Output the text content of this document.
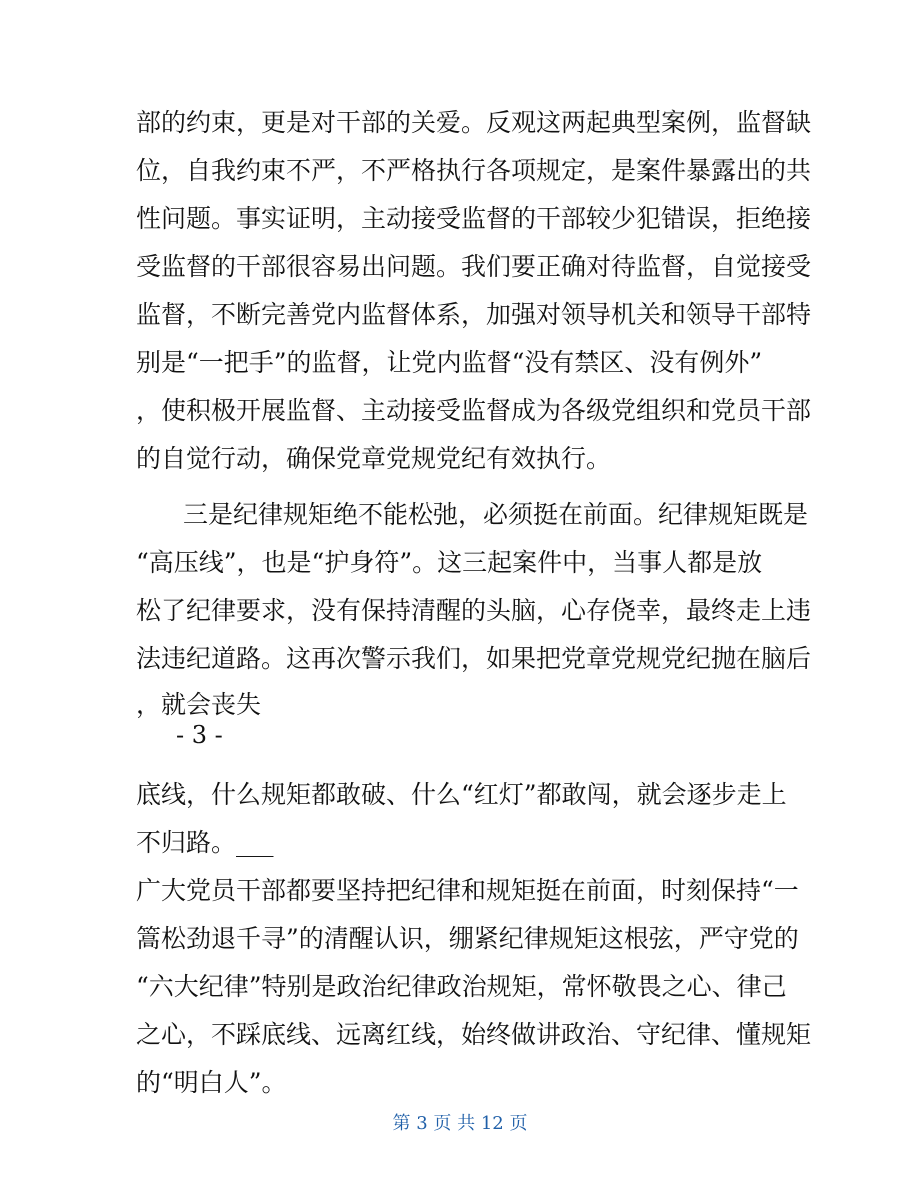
部的约束，更是对干部的关爱。反观这两起典型案例，监督缺
位，自我约束不严，不严格执行各项规定，是案件暴露出的共
性问题。事实证明，主动接受监督的干部较少犯错误，拒绝接
受监督的干部很容易出问题。我们要正确对待监督，自觉接受
监督，不断完善党内监督体系，加强对领导机关和领导干部特
别是“一把手”的监督，让党内监督“没有禁区、没有例外”
，使积极开展监督、主动接受监督成为各级党组织和党员干部
的自觉行动，确保党章党规党纪有效执行。
三是纪律规矩绝不能松弛，必须挺在前面。纪律规矩既是
“高压线”，也是“护身符”。这三起案件中，当事人都是放
松了纪律要求，没有保持清醒的头脑，心存侥幸，最终走上违
法违纪道路。这再次警示我们，如果把党章党规党纪抛在脑后
，就会丧失
- 3 -
底线，什么规矩都敢破、什么“红灯”都敢闯，就会逐步走上
不归路。___
广大党员干部都要坚持把纪律和规矩挺在前面，时刻保持“一
篙松劲退千寻”的清醒认识，绷紧纪律规矩这根弦，严守党的
“六大纪律”特别是政治纪律政治规矩，常怀敬畏之心、律己
之心，不踩底线、远离红线，始终做讲政治、守纪律、懂规矩
第 3 页 共 12 页
的“明白人”。
